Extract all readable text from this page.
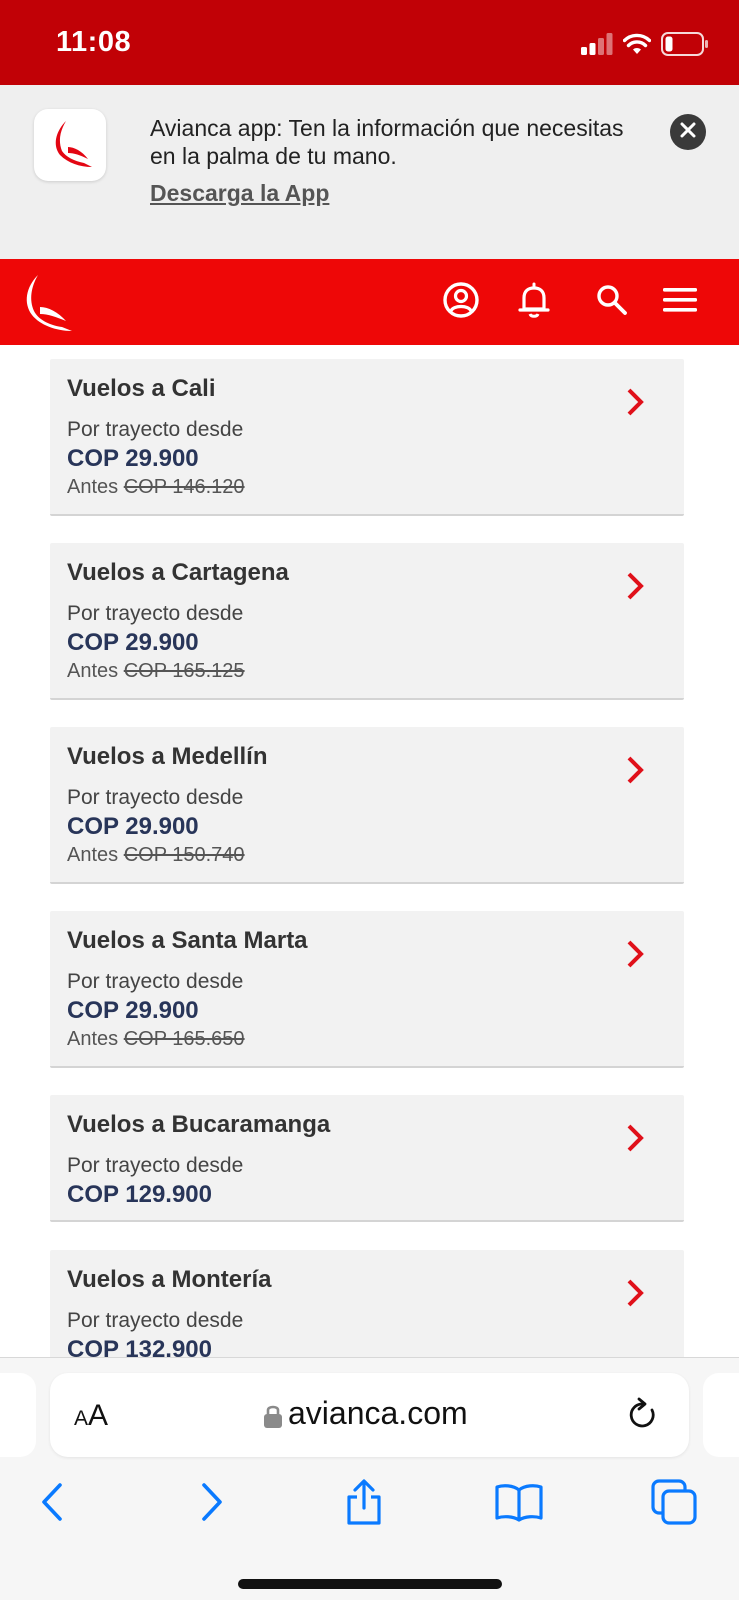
11:08
Avianca app: Ten la información que necesitas en la palma de tu mano.
Descarga la App
Vuelos a Cali
Por trayecto desde
COP 29.900
Antes COP 146.120
Vuelos a Cartagena
Por trayecto desde
COP 29.900
Antes COP 165.125
Vuelos a Medellín
Por trayecto desde
COP 29.900
Antes COP 150.740
Vuelos a Santa Marta
Por trayecto desde
COP 29.900
Antes COP 165.650
Vuelos a Bucaramanga
Por trayecto desde
COP 129.900
Vuelos a Montería
Por trayecto desde
COP 132.900
AA	avianca.com
